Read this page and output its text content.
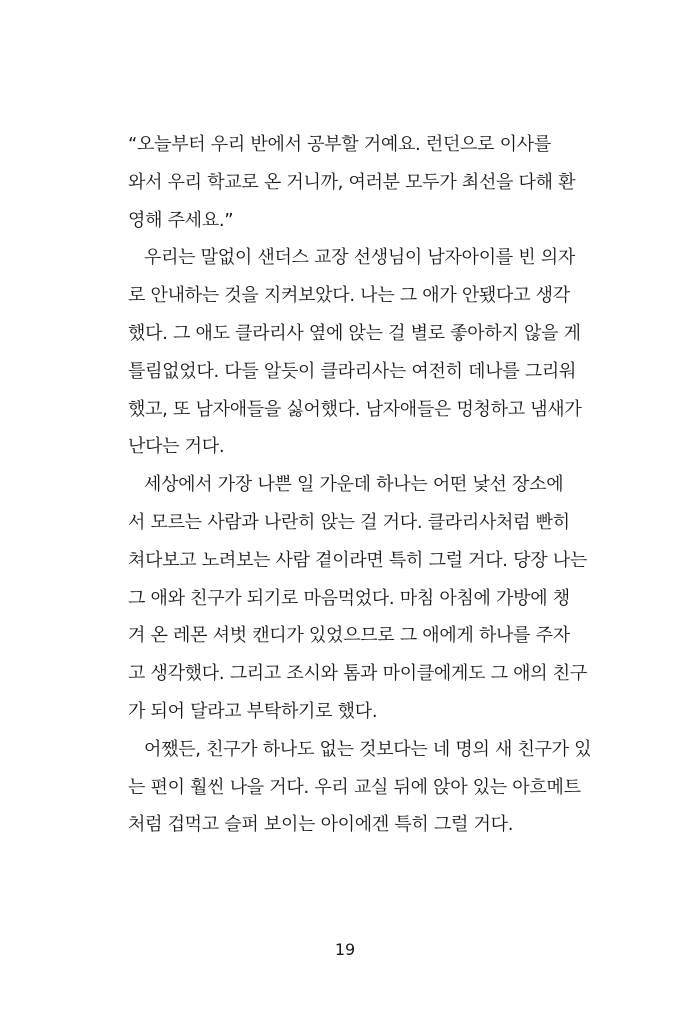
“오늘부터 우리 반에서 공부할 거예요. 런던으로 이사를
와서 우리 학교로 온 거니까, 여러분 모두가 최선을 다해 환
영해 주세요.”
우리는 말없이 샌더스 교장 선생님이 남자아이를 빈 의자
로 안내하는 것을 지켜보았다. 나는 그 애가 안됐다고 생각
했다. 그 애도 클라리사 옆에 앉는 걸 별로 좋아하지 않을 게
틀림없었다. 다들 알듯이 클라리사는 여전히 데나를 그리워
했고, 또 남자애들을 싫어했다. 남자애들은 멍청하고 냄새가
난다는 거다.
세상에서 가장 나쁜 일 가운데 하나는 어떤 낯선 장소에
서 모르는 사람과 나란히 앉는 걸 거다. 클라리사처럼 빤히
쳐다보고 노려보는 사람 곁이라면 특히 그럴 거다. 당장 나는
그 애와 친구가 되기로 마음먹었다. 마침 아침에 가방에 챙
겨 온 레몬 셔벗 캔디가 있었으므로 그 애에게 하나를 주자
고 생각했다. 그리고 조시와 톰과 마이클에게도 그 애의 친구
가 되어 달라고 부탁하기로 했다.
어쨌든, 친구가 하나도 없는 것보다는 네 명의 새 친구가 있
는 편이 훨씬 나을 거다. 우리 교실 뒤에 앉아 있는 아흐메트
처럼 겁먹고 슬퍼 보이는 아이에겐 특히 그럴 거다.
19
